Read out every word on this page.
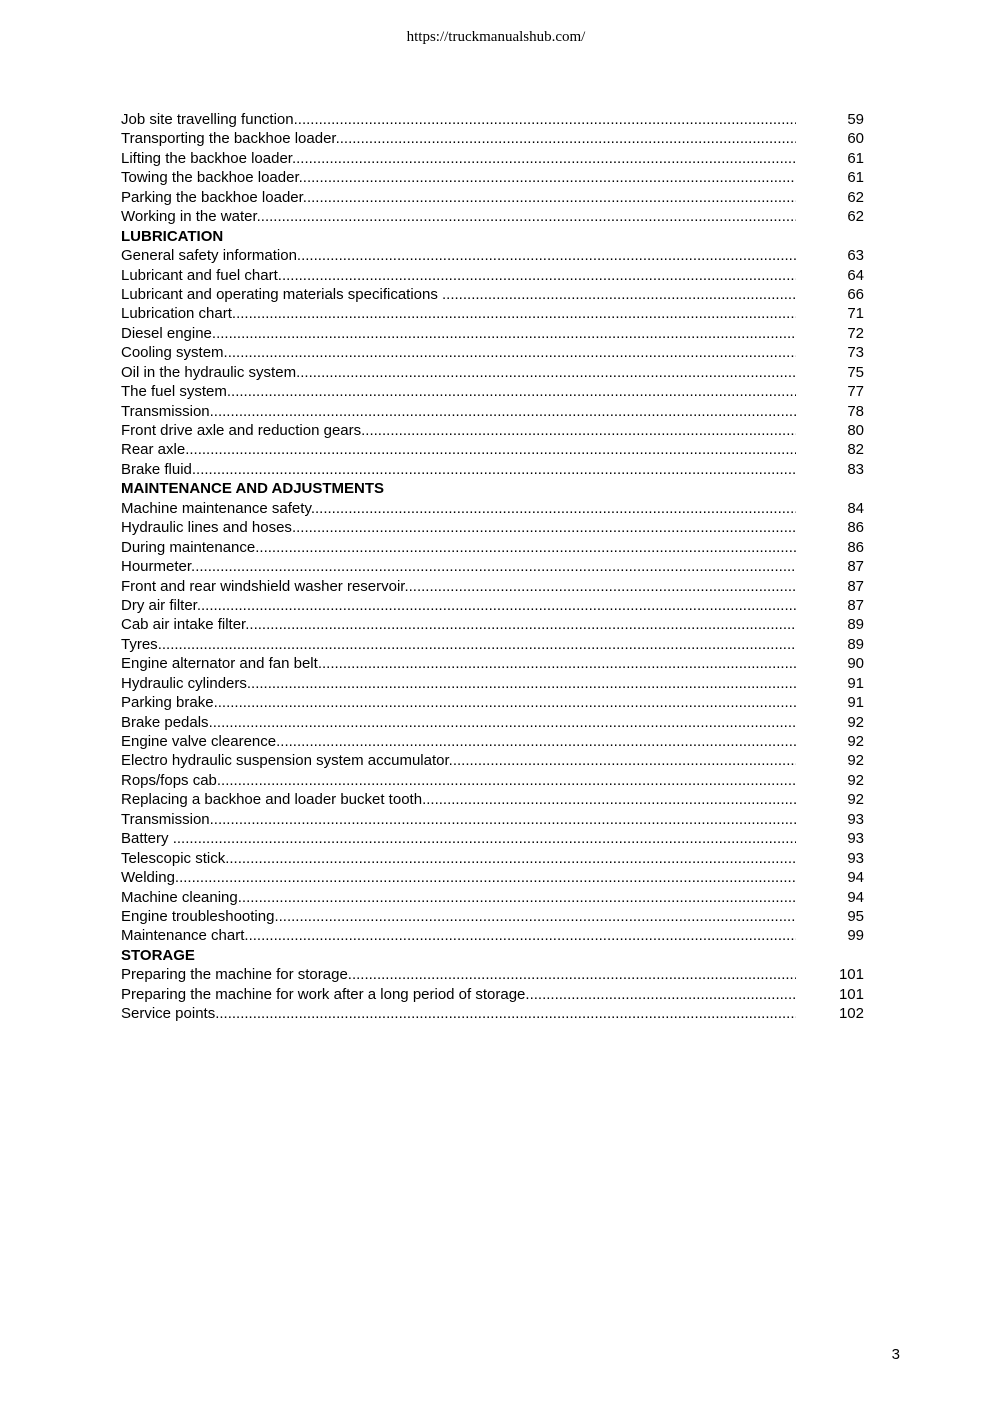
https://truckmanualshub.com/
Job site travelling function .....	59
Transporting the backhoe loader .....	60
Lifting the backhoe loader .....	61
Towing the backhoe loader .....	61
Parking the backhoe loader .....	62
Working in the water .....	62
LUBRICATION
General safety information .....	63
Lubricant and fuel chart .....	64
Lubricant and operating materials specifications .....	66
Lubrication chart .....	71
Diesel engine .....	72
Cooling system .....	73
Oil in the hydraulic system .....	75
The fuel system .....	77
Transmission .....	78
Front drive axle and reduction gears .....	80
Rear axle .....	82
Brake fluid .....	83
MAINTENANCE AND ADJUSTMENTS
Machine maintenance safety .....	84
Hydraulic lines and hoses .....	86
During maintenance .....	86
Hourmeter .....	87
Front and rear windshield washer reservoir .....	87
Dry air filter .....	87
Cab air intake filter .....	89
Tyres .....	89
Engine alternator and fan belt .....	90
Hydraulic cylinders .....	91
Parking brake .....	91
Brake pedals .....	92
Engine valve clearence .....	92
Electro hydraulic suspension system accumulator .....	92
Rops/fops cab .....	92
Replacing a backhoe and loader bucket tooth .....	92
Transmission .....	93
Battery .....	93
Telescopic stick .....	93
Welding .....	94
Machine cleaning .....	94
Engine troubleshooting .....	95
Maintenance chart .....	99
STORAGE
Preparing the machine for storage .....	101
Preparing the machine for work after a long period of storage .....	101
Service points .....	102
3
